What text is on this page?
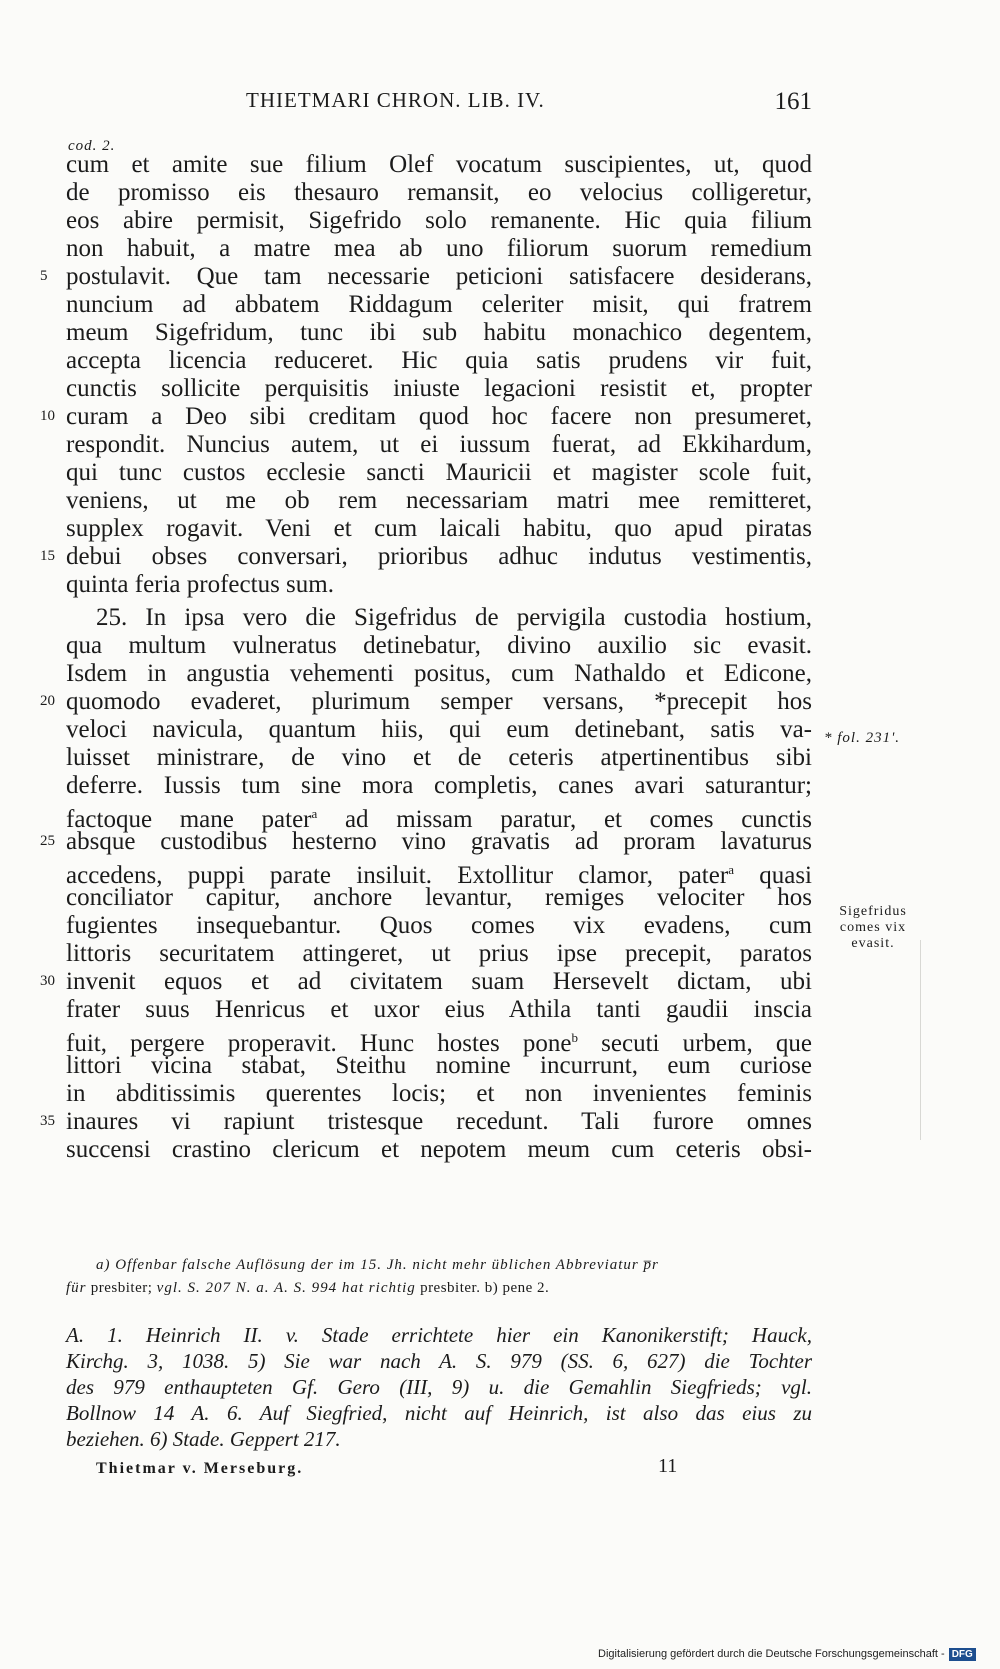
THIETMARI CHRON. LIB. IV.	161
cod. 2.
cum et amite sue filium Olef vocatum suscipientes, ut, quod
de promisso eis thesauro remansit, eo velocius colligeretur,
eos abire permisit, Sigefrido solo remanente. Hic quia filium
non habuit, a matre mea ab uno filiorum suorum remedium
postulavit. Que tam necessarie peticioni satisfacere desiderans,
nuncium ad abbatem Riddagum celeriter misit, qui fratrem
meum Sigefridum, tunc ibi sub habitu monachico degentem,
accepta licencia reduceret. Hic quia satis prudens vir fuit,
cunctis sollicite perquisitis iniuste legacioni resistit et, propter
curam a Deo sibi creditam quod hoc facere non presumeret,
respondit. Nuncius autem, ut ei iussum fuerat, ad Ekkihardum,
qui tunc custos ecclesie sancti Mauricii et magister scole fuit,
veniens, ut me ob rem necessariam matri mee remitteret,
supplex rogavit. Veni et cum laicali habitu, quo apud piratas
debui obses conversari, prioribus adhuc indutus vestimentis,
quinta feria profectus sum.
25. In ipsa vero die Sigefridus de pervigila custodia hostium,
qua multum vulneratus detinebatur, divino auxilio sic evasit.
Isdem in angustia vehementi positus, cum Nathaldo et Edicone,
quomodo evaderet, plurimum semper versans, *precepit hos
veloci navicula, quantum hiis, qui eum detinebant, satis va-
luisset ministrare, de vino et de ceteris atpertinentibus sibi
deferre. Iussis tum sine mora completis, canes avari saturantur;
factoque mane pater$^a$ ad missam paratur, et comes cunctis
absque custodibus hesterno vino gravatis ad proram lavaturus
accedens, puppi parate insiluit. Extollitur clamor, pater$^a$ quasi
conciliator capitur, anchore levantur, remiges velociter hos
fugientes insequebantur. Quos comes vix evadens, cum
littoris securitatem attingeret, ut prius ipse precepit, paratos
invenit equos et ad civitatem suam Hersevelt dictam, ubi
frater suus Henricus et uxor eius Athila tanti gaudii inscia
fuit, pergere properavit. Hunc hostes pone$^b$ secuti urbem, que
littori vicina stabat, Steithu nomine incurrunt, eum curiose
in abditissimis querentes locis; et non invenientes feminis
inaures vi rapiunt tristesque recedunt. Tali furore omnes
succensi crastino clericum et nepotem meum cum ceteris obsi-
5
10
15
20
25
30
35
* fol. 231'.
Sigefridus
comes vix
evasit.
a) Offenbar falsche Auflösung der im 15. Jh. nicht mehr üblichen Abbreviatur p̅r
für presbiter; vgl. S. 207 N. a. A. S. 994 hat richtig presbiter. b) pene 2.
A. 1. Heinrich II. v. Stade errichtete hier ein Kanonikerstift; Hauck,
Kirchg. 3, 1038. 5) Sie war nach A. S. 979 (SS. 6, 627) die Tochter
des 979 enthaupteten Gf. Gero (III, 9) u. die Gemahlin Siegfrieds; vgl.
Bollnow 14 A. 6. Auf Siegfried, nicht auf Heinrich, ist also das eius zu
beziehen. 6) Stade. Geppert 217.
Thietmar v. Merseburg.	11
Digitalisierung gefördert durch die Deutsche Forschungsgemeinschaft - DFG
